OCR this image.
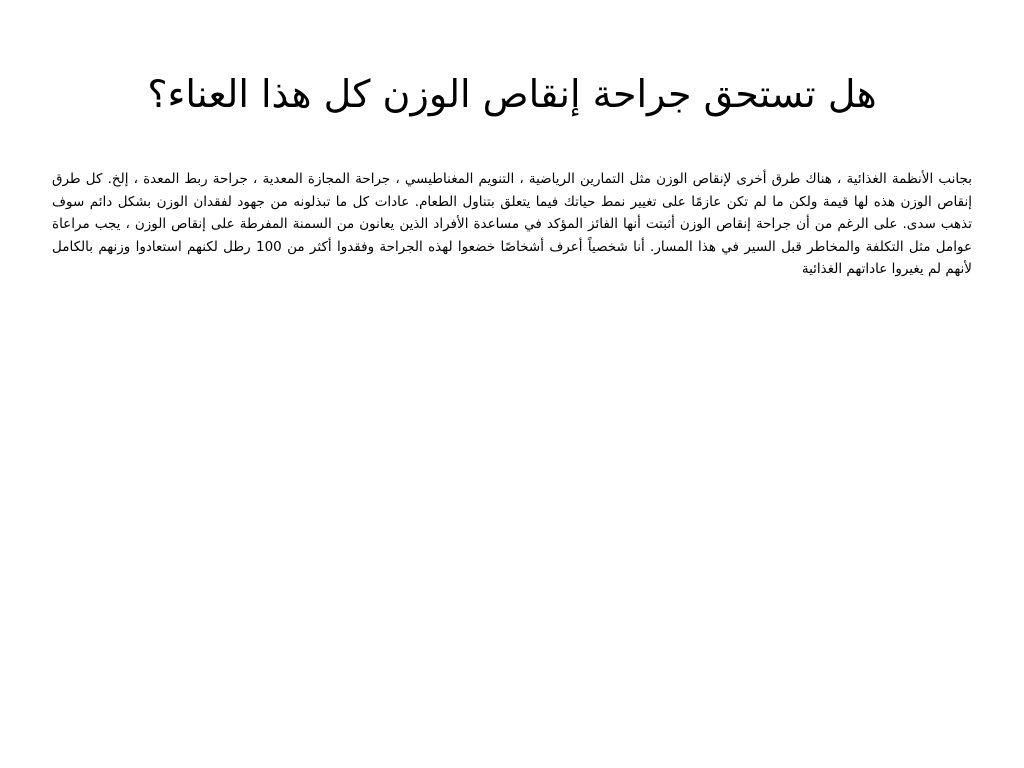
هل تستحق جراحة إنقاص الوزن كل هذا العناء؟

بجانب الأنظمة الغذائية ، هناك طرق أخرى لإنقاص الوزن مثل التمارين الرياضية ، التنويم المغناطيسي ، جراحة المجازة المعدية ، جراحة ربط المعدة ، إلخ. كل طرق إنقاص الوزن هذه لها قيمة ولكن ما لم تكن عازمًا على تغيير نمط حياتك فيما يتعلق بتناول الطعام. عادات كل ما تبذلونه من جهود لفقدان الوزن بشكل دائم سوف تذهب سدى. على الرغم من أن جراحة إنقاص الوزن أثبتت أنها الفائز المؤكد في مساعدة الأفراد الذين يعانون من السمنة المفرطة على إنقاص الوزن ، يجب مراعاة عوامل مثل التكلفة والمخاطر قبل السير في هذا المسار. أنا شخصياً أعرف أشخاصًا خضعوا لهذه الجراحة وفقدوا أكثر من 100 رطل لكنهم استعادوا وزنهم بالكامل لأنهم لم يغيروا عاداتهم الغذائية
